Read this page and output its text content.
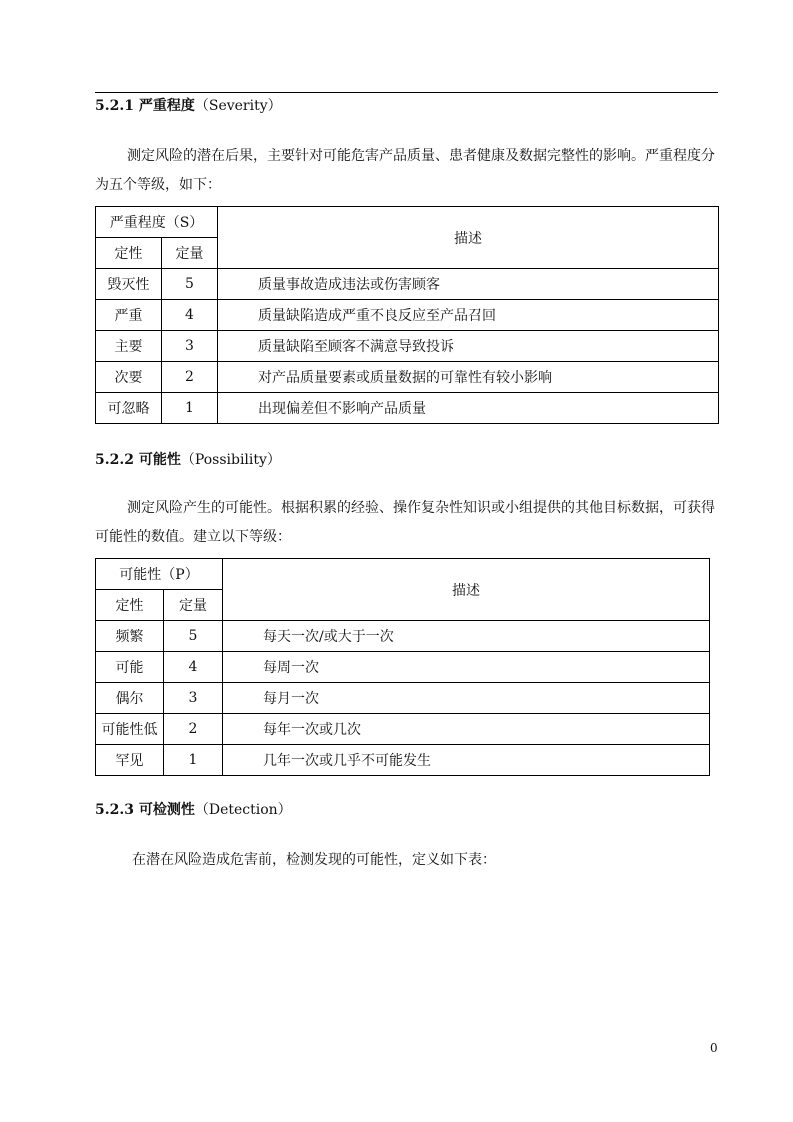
5.2.1 严重程度（Severity）
测定风险的潜在后果，主要针对可能危害产品质量、患者健康及数据完整性的影响。严重程度分为五个等级，如下：
严重程度（S）		描述
定性	定量	
毁灭性	5	质量事故造成违法或伤害顾客
严重	4	质量缺陷造成严重不良反应至产品召回
主要	3	质量缺陷至顾客不满意导致投诉
次要	2	对产品质量要素或质量数据的可靠性有较小影响
可忽略	1	出现偏差但不影响产品质量
5.2.2 可能性（Possibility）
测定风险产生的可能性。根据积累的经验、操作复杂性知识或小组提供的其他目标数据，可获得可能性的数值。建立以下等级：
可能性（P）		描述
定性	定量	
频繁	5	每天一次/或大于一次
可能	4	每周一次
偶尔	3	每月一次
可能性低	2	每年一次或几次
罕见	1	几年一次或几乎不可能发生
5.2.3 可检测性（Detection）
在潜在风险造成危害前，检测发现的可能性，定义如下表：
0
